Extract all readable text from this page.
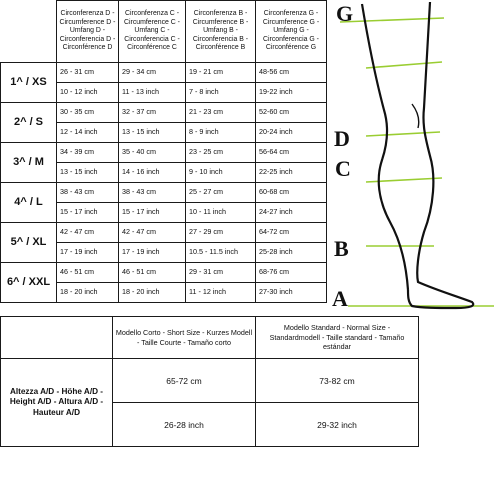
	Circonferenza D - Circumference D - Umfang D - Circonferencia D - Circonférence D	Circonferenza C - Circumference C - Umfang C - Circonferencia C - Circonférence C	Circonferenza B - Circumference B - Umfang B - Circonferencia B - Circonférence B	Circonferenza G - Circumference G - Umfang G - Circonferencia G - Circonférence G
1^ / XS	26 - 31 cm	29 - 34 cm	19 - 21 cm	48-56 cm
	10 - 12 inch	11 - 13 inch	7 - 8 inch	19-22 inch
2^ / S	30 - 35 cm	32 - 37 cm	21 - 23 cm	52-60 cm
	12 - 14 inch	13 - 15 inch	8 - 9 inch	20-24 inch
3^ / M	34 - 39 cm	35 - 40 cm	23 - 25 cm	56-64 cm
	13 - 15 inch	14 - 16 inch	9 - 10 inch	22-25 inch
4^ / L	38 - 43 cm	38 - 43 cm	25 - 27 cm	60-68 cm
	15 - 17 inch	15 - 17 inch	10 - 11 inch	24-27 inch
5^ / XL	42 - 47 cm	42 - 47 cm	27 - 29 cm	64-72 cm
	17 - 19 inch	17 - 19 inch	10.5 - 11.5 inch	25-28 inch
6^ / XXL	46 - 51 cm	46 - 51 cm	29 - 31 cm	68-76 cm
	18 - 20 inch	18 - 20 inch	11 - 12 inch	27-30 inch
G
D
C
B
A
	Modello Corto - Short Size - Kurzes Modell - Taille Courte - Tamaño corto	Modello Standard - Normal Size - Standardmodell - Taille standard - Tamaño estándar
Altezza A/D - Höhe A/D - Height A/D - Altura A/D - Hauteur A/D	65-72 cm	73-82 cm
	26-28 inch	29-32 inch
